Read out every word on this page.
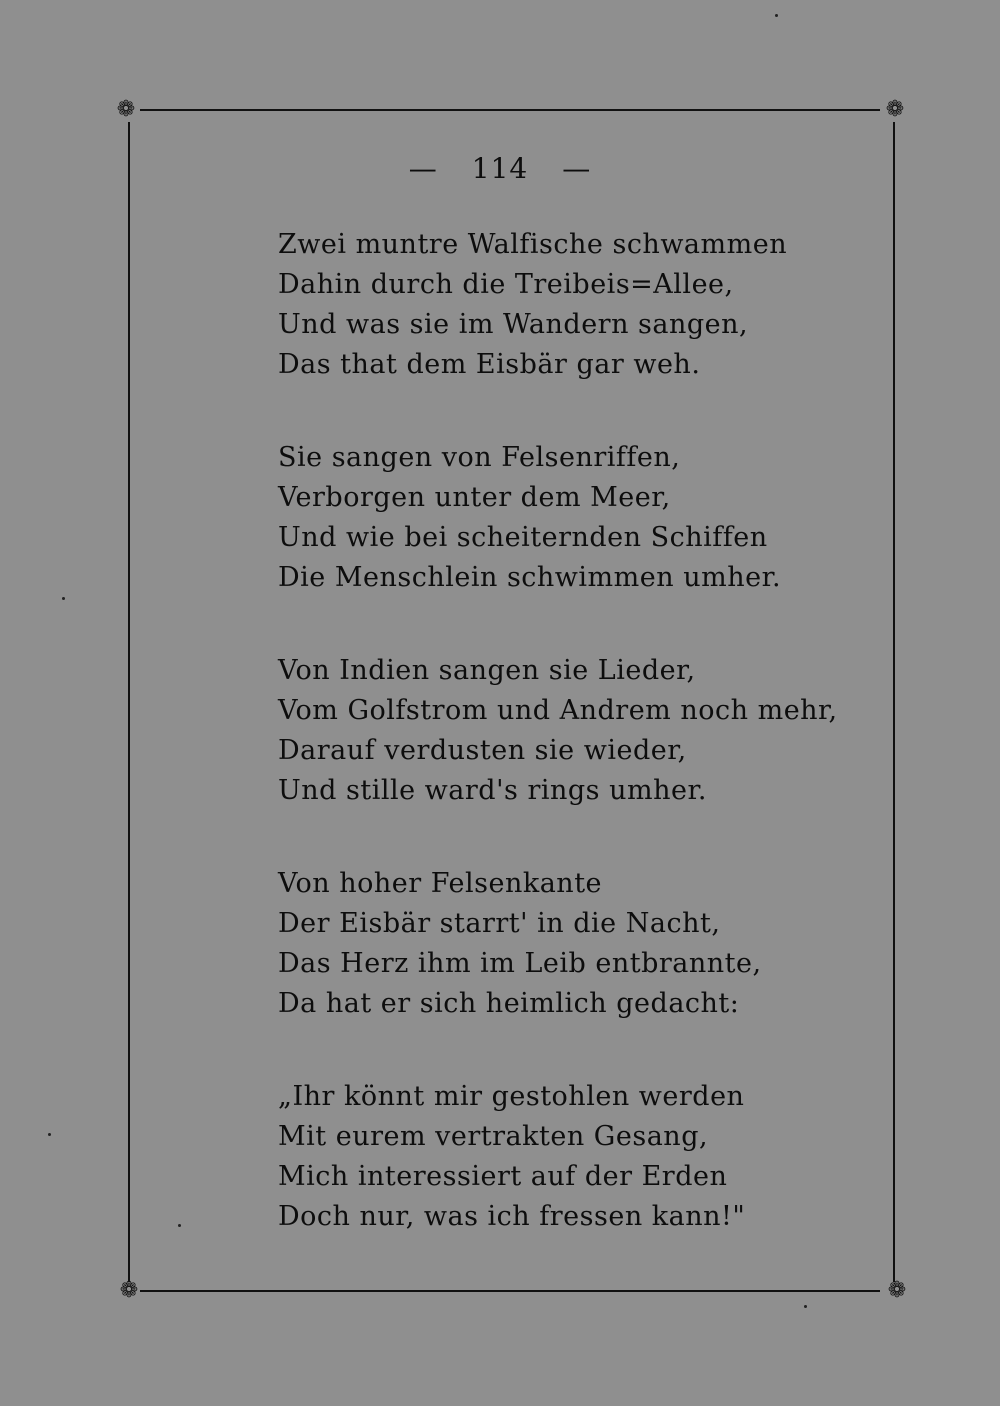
❁	❁
❁	❁
— 114 —
Zwei muntre Walfische schwammen
Dahin durch die Treibeis=Allee,
Und was sie im Wandern sangen,
Das that dem Eisbär gar weh.
Sie sangen von Felsenriffen,
Verborgen unter dem Meer,
Und wie bei scheiternden Schiffen
Die Menschlein schwimmen umher.
Von Indien sangen sie Lieder,
Vom Golfstrom und Andrem noch mehr,
Darauf verdusten sie wieder,
Und stille ward's rings umher.
Von hoher Felsenkante
Der Eisbär starrt' in die Nacht,
Das Herz ihm im Leib entbrannte,
Da hat er sich heimlich gedacht:
„Ihr könnt mir gestohlen werden
Mit eurem vertrakten Gesang,
Mich interessiert auf der Erden
Doch nur, was ich fressen kann!"
